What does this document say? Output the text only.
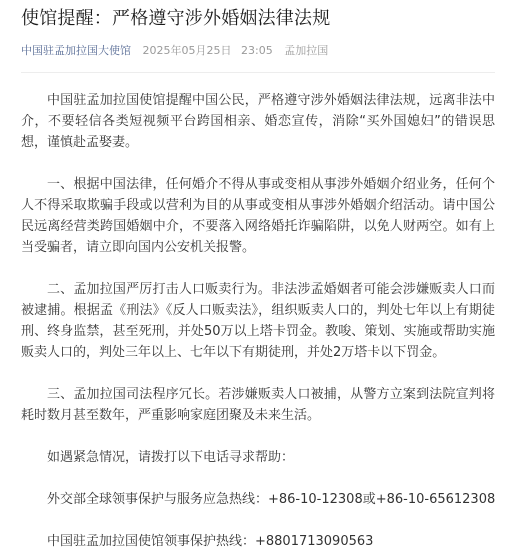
使馆提醒：严格遵守涉外婚姻法律法规
中国驻孟加拉国大使馆 2025年05月25日 23:05 孟加拉国

中国驻孟加拉国使馆提醒中国公民，严格遵守涉外婚姻法律法规，远离非法中介，不要轻信各类短视频平台跨国相亲、婚恋宣传，消除“买外国媳妇”的错误思想，谨慎赴孟娶妻。

一、根据中国法律，任何婚介不得从事或变相从事涉外婚姻介绍业务，任何个人不得采取欺骗手段或以营利为目的从事或变相从事涉外婚姻介绍活动。请中国公民远离经营类跨国婚姻中介，不要落入网络婚托诈骗陷阱，以免人财两空。如有上当受骗者，请立即向国内公安机关报警。

二、孟加拉国严厉打击人口贩卖行为。非法涉孟婚姻者可能会涉嫌贩卖人口而被逮捕。根据孟《刑法》《反人口贩卖法》，组织贩卖人口的，判处七年以上有期徒刑、终身监禁，甚至死刑，并处50万以上塔卡罚金。教唆、策划、实施或帮助实施贩卖人口的，判处三年以上、七年以下有期徒刑，并处2万塔卡以下罚金。

三、孟加拉国司法程序冗长。若涉嫌贩卖人口被捕，从警方立案到法院宣判将耗时数月甚至数年，严重影响家庭团聚及未来生活。

如遇紧急情况，请拨打以下电话寻求帮助：

外交部全球领事保护与服务应急热线：+86-10-12308或+86-10-65612308

中国驻孟加拉国使馆领事保护热线：+8801713090563
